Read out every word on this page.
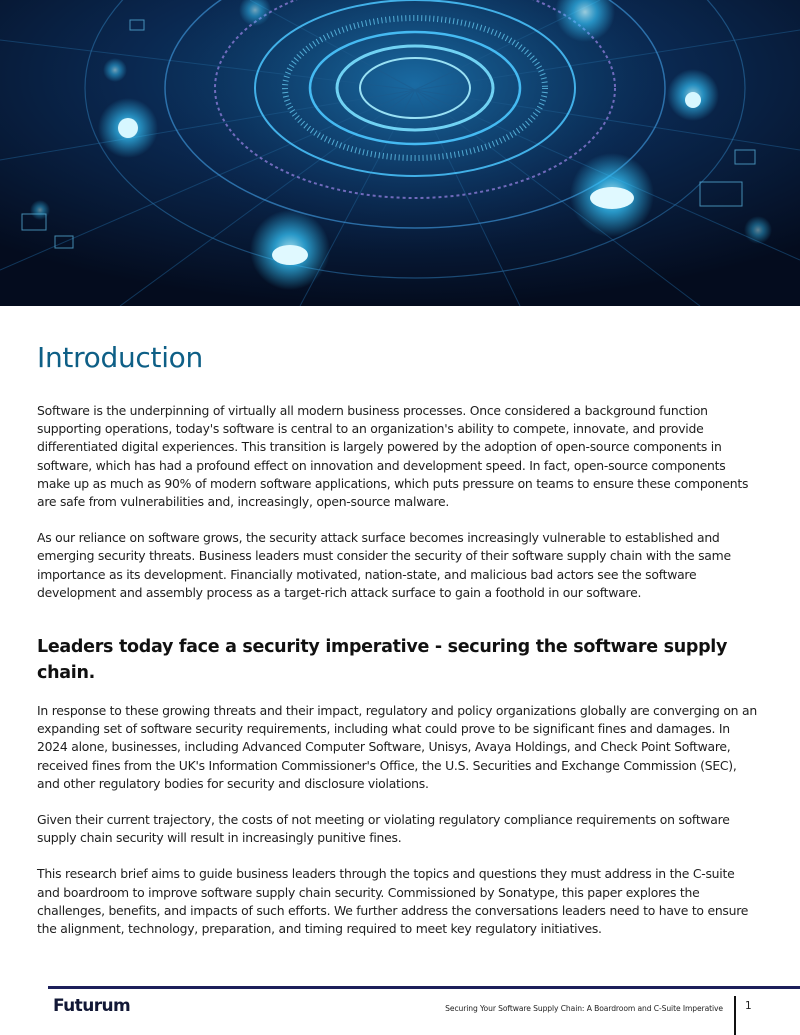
Introduction

Software is the underpinning of virtually all modern business processes. Once considered a background function supporting operations, today's software is central to an organization's ability to compete, innovate, and provide differentiated digital experiences. This transition is largely powered by the adoption of open-source components in software, which has had a profound effect on innovation and development speed. In fact, open-source components make up as much as 90% of modern software applications, which puts pressure on teams to ensure these components are safe from vulnerabilities and, increasingly, open-source malware.

As our reliance on software grows, the security attack surface becomes increasingly vulnerable to established and emerging security threats. Business leaders must consider the security of their software supply chain with the same importance as its development. Financially motivated, nation-state, and malicious bad actors see the software development and assembly process as a target-rich attack surface to gain a foothold in our software.

Leaders today face a security imperative - securing the software supply chain.

In response to these growing threats and their impact, regulatory and policy organizations globally are converging on an expanding set of software security requirements, including what could prove to be significant fines and damages. In 2024 alone, businesses, including Advanced Computer Software, Unisys, Avaya Holdings, and Check Point Software, received fines from the UK's Information Commissioner's Office, the U.S. Securities and Exchange Commission (SEC), and other regulatory bodies for security and disclosure violations.

Given their current trajectory, the costs of not meeting or violating regulatory compliance requirements on software supply chain security will result in increasingly punitive fines.

This research brief aims to guide business leaders through the topics and questions they must address in the C-suite and boardroom to improve software supply chain security. Commissioned by Sonatype, this paper explores the challenges, benefits, and impacts of such efforts. We further address the conversations leaders need to have to ensure the alignment, technology, preparation, and timing required to meet key regulatory initiatives.

Futurum	Securing Your Software Supply Chain: A Boardroom and C-Suite Imperative 1
